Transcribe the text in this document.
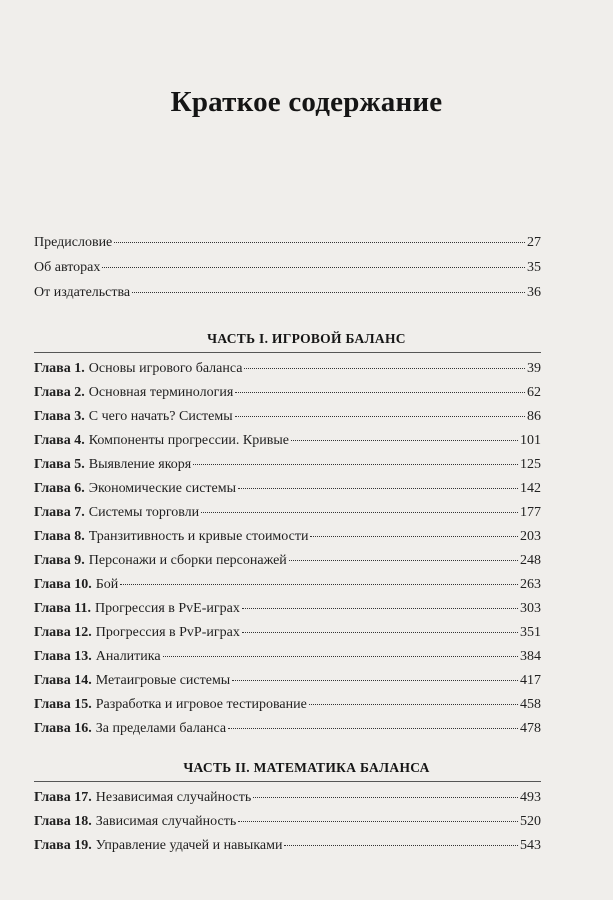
Краткое содержание
Предисловие	27
Об авторах	35
От издательства	36
ЧАСТЬ I. ИГРОВОЙ БАЛАНС
Глава 1. Основы игрового баланса	39
Глава 2. Основная терминология	62
Глава 3. С чего начать? Системы	86
Глава 4. Компоненты прогрессии. Кривые	101
Глава 5. Выявление якоря	125
Глава 6. Экономические системы	142
Глава 7. Системы торговли	177
Глава 8. Транзитивность и кривые стоимости	203
Глава 9. Персонажи и сборки персонажей	248
Глава 10. Бой	263
Глава 11. Прогрессия в PvE-играх	303
Глава 12. Прогрессия в PvP-играх	351
Глава 13. Аналитика	384
Глава 14. Метаигровые системы	417
Глава 15. Разработка и игровое тестирование	458
Глава 16. За пределами баланса	478
ЧАСТЬ II. МАТЕМАТИКА БАЛАНСА
Глава 17. Независимая случайность	493
Глава 18. Зависимая случайность	520
Глава 19. Управление удачей и навыками	543
